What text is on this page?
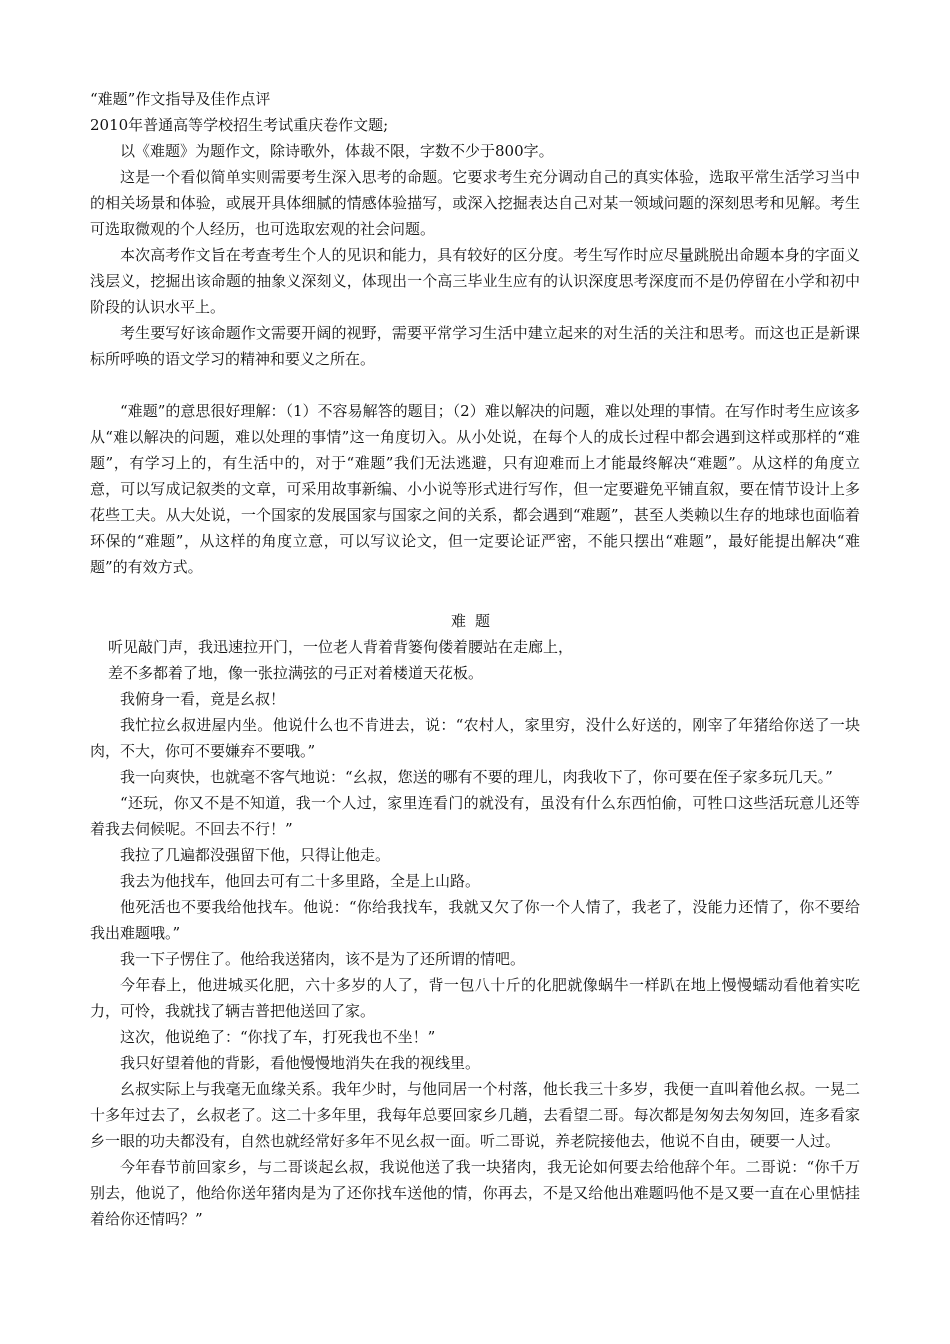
“难题”作文指导及佳作点评

2010年普通高等学校招生考试重庆卷作文题;

以《难题》为题作文，除诗歌外，体裁不限，字数不少于800字。

这是一个看似简单实则需要考生深入思考的命题。它要求考生充分调动自己的真实体验，选取平常生活学习当中的相关场景和体验，或展开具体细腻的情感体验描写，或深入挖掘表达自己对某一领域问题的深刻思考和见解。考生可选取微观的个人经历，也可选取宏观的社会问题。

本次高考作文旨在考查考生个人的见识和能力，具有较好的区分度。考生写作时应尽量跳脱出命题本身的字面义浅层义，挖掘出该命题的抽象义深刻义，体现出一个高三毕业生应有的认识深度思考深度而不是仍停留在小学和初中阶段的认识水平上。

考生要写好该命题作文需要开阔的视野，需要平常学习生活中建立起来的对生活的关注和思考。而这也正是新课标所呼唤的语文学习的精神和要义之所在。

“难题”的意思很好理解：（1）不容易解答的题目；（2）难以解决的问题，难以处理的事情。在写作时考生应该多从“难以解决的问题，难以处理的事情”这一角度切入。从小处说，在每个人的成长过程中都会遇到这样或那样的“难题”，有学习上的，有生活中的，对于“难题”我们无法逃避，只有迎难而上才能最终解决“难题”。从这样的角度立意，可以写成记叙类的文章，可采用故事新编、小小说等形式进行写作，但一定要避免平铺直叙，要在情节设计上多花些工夫。从大处说，一个国家的发展国家与国家之间的关系，都会遇到“难题”，甚至人类赖以生存的地球也面临着环保的“难题”，从这样的角度立意，可以写议论文，但一定要论证严密，不能只摆出“难题”，最好能提出解决“难题”的有效方式。

难题

听见敲门声，我迅速拉开门，一位老人背着背篓佝偻着腰站在走廊上，

差不多都着了地，像一张拉满弦的弓正对着楼道天花板。

我俯身一看，竟是幺叔！

我忙拉幺叔进屋内坐。他说什么也不肯进去，说：“农村人，家里穷，没什么好送的，刚宰了年猪给你送了一块肉，不大，你可不要嫌弃不要哦。”

我一向爽快，也就毫不客气地说：“幺叔，您送的哪有不要的理儿，肉我收下了，你可要在侄子家多玩几天。”

“还玩，你又不是不知道，我一个人过，家里连看门的就没有，虽没有什么东西怕偷，可牲口这些活玩意儿还等着我去伺候呢。不回去不行！”

我拉了几遍都没强留下他，只得让他走。

我去为他找车，他回去可有二十多里路，全是上山路。

他死活也不要我给他找车。他说：“你给我找车，我就又欠了你一个人情了，我老了，没能力还情了，你不要给我出难题哦。”

我一下子愣住了。他给我送猪肉，该不是为了还所谓的情吧。

今年春上，他进城买化肥，六十多岁的人了，背一包八十斤的化肥就像蜗牛一样趴在地上慢慢蠕动看他着实吃力，可怜，我就找了辆吉普把他送回了家。

这次，他说绝了：“你找了车，打死我也不坐！”

我只好望着他的背影，看他慢慢地消失在我的视线里。

幺叔实际上与我毫无血缘关系。我年少时，与他同居一个村落，他长我三十多岁，我便一直叫着他幺叔。一晃二十多年过去了，幺叔老了。这二十多年里，我每年总要回家乡几趟，去看望二哥。每次都是匆匆去匆匆回，连多看家乡一眼的功夫都没有，自然也就经常好多年不见幺叔一面。听二哥说，养老院接他去，他说不自由，硬要一人过。

今年春节前回家乡，与二哥谈起幺叔，我说他送了我一块猪肉，我无论如何要去给他辞个年。二哥说：“你千万别去，他说了，他给你送年猪肉是为了还你找车送他的情，你再去，不是又给他出难题吗他不是又要一直在心里惦挂着给你还情吗？”
